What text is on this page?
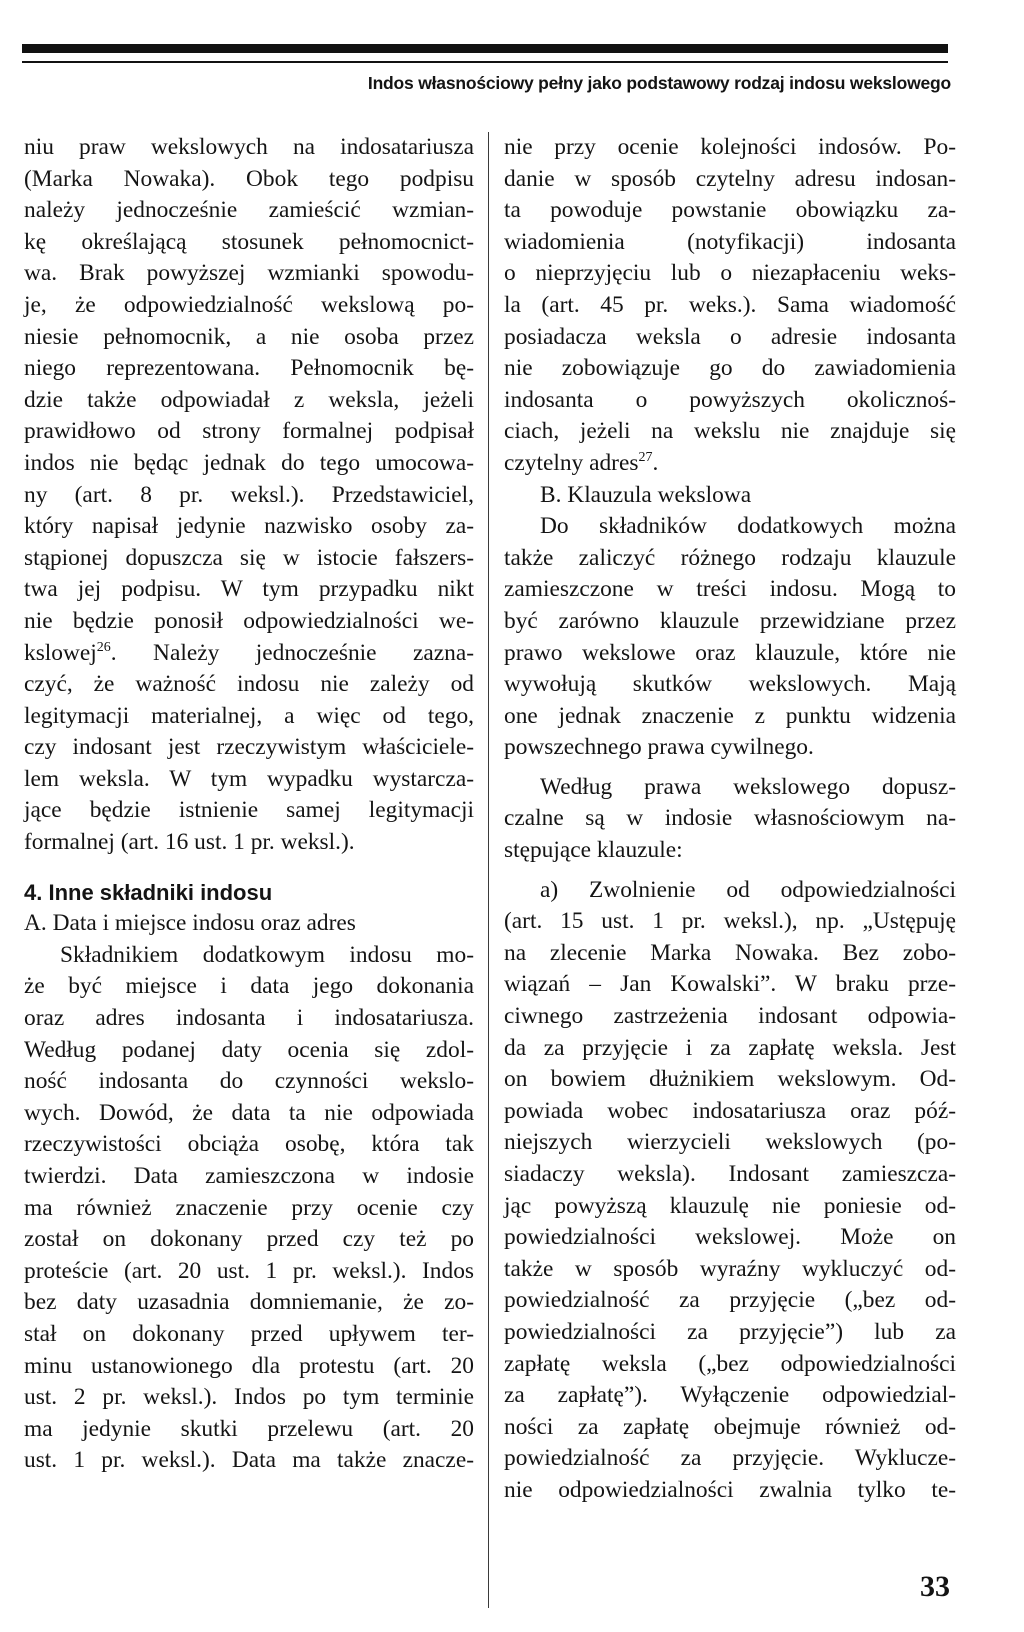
Indos własnościowy pełny jako podstawowy rodzaj indosu wekslowego
niu praw wekslowych na indosatariusza
(Marka Nowaka). Obok tego podpisu
należy jednocześnie zamieścić wzmian-
kę określającą stosunek pełnomocnict-
wa. Brak powyższej wzmianki spowodu-
je, że odpowiedzialność wekslową po-
niesie pełnomocnik, a nie osoba przez
niego reprezentowana. Pełnomocnik bę-
dzie także odpowiadał z weksla, jeżeli
prawidłowo od strony formalnej podpisał
indos nie będąc jednak do tego umocowa-
ny (art. 8 pr. weksl.). Przedstawiciel,
który napisał jedynie nazwisko osoby za-
stąpionej dopuszcza się w istocie fałszers-
twa jej podpisu. W tym przypadku nikt
nie będzie ponosił odpowiedzialności we-
kslowej$^{26}$. Należy jednocześnie zazna-
czyć, że ważność indosu nie zależy od
legitymacji materialnej, a więc od tego,
czy indosant jest rzeczywistym właściciele-
lem weksla. W tym wypadku wystarcza-
jące będzie istnienie samej legitymacji
formalnej (art. 16 ust. 1 pr. weksl.).
4. Inne składniki indosu
A. Data i miejsce indosu oraz adres
Składnikiem dodatkowym indosu mo-
że być miejsce i data jego dokonania
oraz adres indosanta i indosatariusza.
Według podanej daty ocenia się zdol-
ność indosanta do czynności wekslo-
wych. Dowód, że data ta nie odpowiada
rzeczywistości obciąża osobę, która tak
twierdzi. Data zamieszczona w indosie
ma również znaczenie przy ocenie czy
został on dokonany przed czy też po
proteście (art. 20 ust. 1 pr. weksl.). Indos
bez daty uzasadnia domniemanie, że zo-
stał on dokonany przed upływem ter-
minu ustanowionego dla protestu (art. 20
ust. 2 pr. weksl.). Indos po tym terminie
ma jedynie skutki przelewu (art. 20
ust. 1 pr. weksl.). Data ma także znacze-
nie przy ocenie kolejności indosów. Po-
danie w sposób czytelny adresu indosan-
ta powoduje powstanie obowiązku za-
wiadomienia (notyfikacji) indosanta
o nieprzyjęciu lub o niezapłaceniu weks-
la (art. 45 pr. weks.). Sama wiadomość
posiadacza weksla o adresie indosanta
nie zobowiązuje go do zawiadomienia
indosanta o powyższych okolicznoś-
ciach, jeżeli na wekslu nie znajduje się
czytelny adres$^{27}$.
B. Klauzula wekslowa
Do składników dodatkowych można
także zaliczyć różnego rodzaju klauzule
zamieszczone w treści indosu. Mogą to
być zarówno klauzule przewidziane przez
prawo wekslowe oraz klauzule, które nie
wywołują skutków wekslowych. Mają
one jednak znaczenie z punktu widzenia
powszechnego prawa cywilnego.
Według prawa wekslowego dopusz-
czalne są w indosie własnościowym na-
stępujące klauzule:
a) Zwolnienie od odpowiedzialności
(art. 15 ust. 1 pr. weksl.), np. „Ustępuję
na zlecenie Marka Nowaka. Bez zobo-
wiązań – Jan Kowalski”. W braku prze-
ciwnego zastrzeżenia indosant odpowia-
da za przyjęcie i za zapłatę weksla. Jest
on bowiem dłużnikiem wekslowym. Od-
powiada wobec indosatariusza oraz póź-
niejszych wierzycieli wekslowych (po-
siadaczy weksla). Indosant zamieszcza-
jąc powyższą klauzulę nie poniesie od-
powiedzialności wekslowej. Może on
także w sposób wyraźny wykluczyć od-
powiedzialność za przyjęcie („bez od-
powiedzialności za przyjęcie”) lub za
zapłatę weksla („bez odpowiedzialności
za zapłatę”). Wyłączenie odpowiedzial-
ności za zapłatę obejmuje również od-
powiedzialność za przyjęcie. Wyklucze-
nie odpowiedzialności zwalnia tylko te-
33
